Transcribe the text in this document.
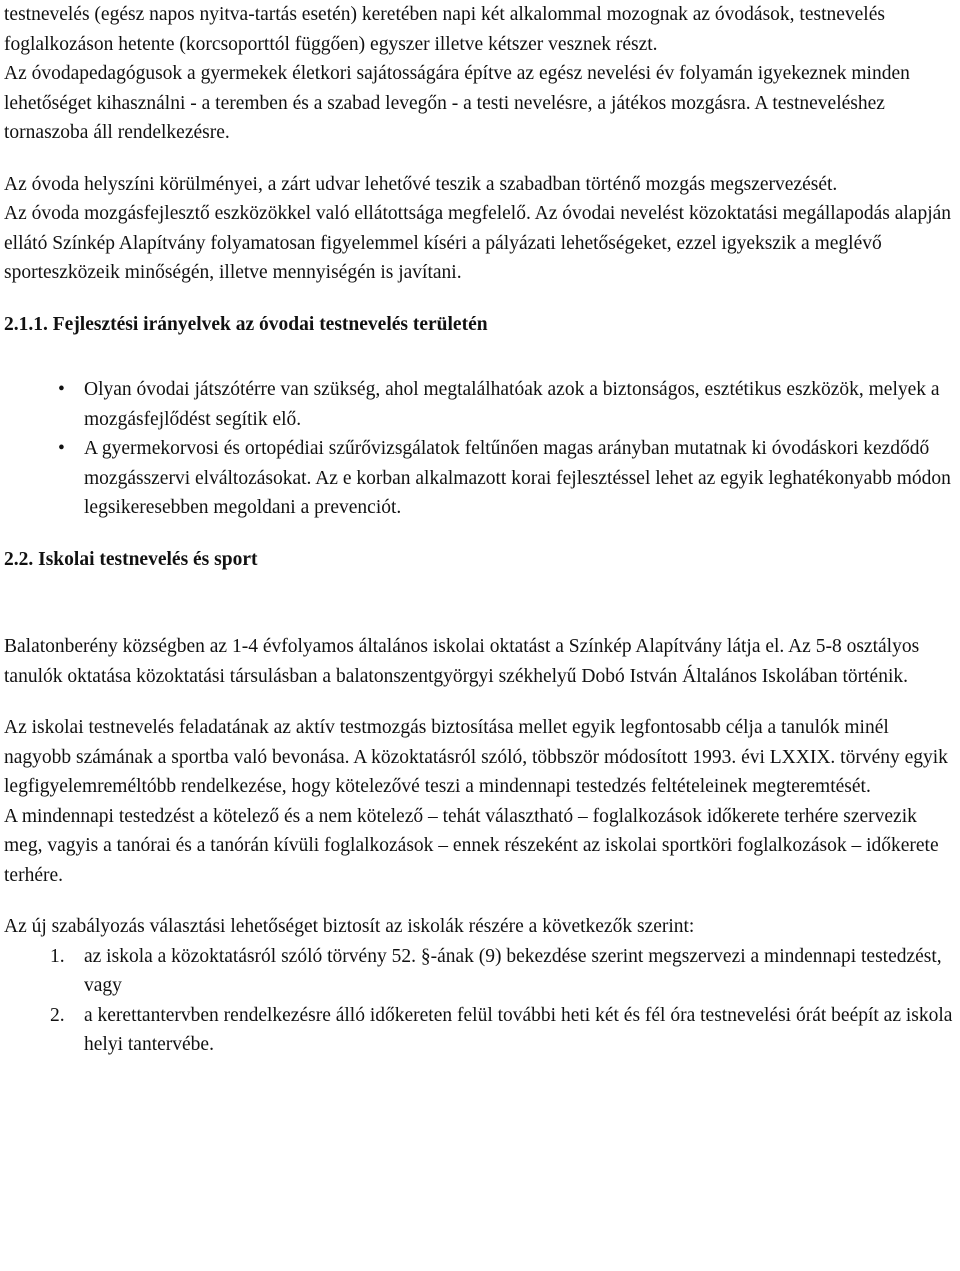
testnevelés (egész napos nyitva-tartás esetén) keretében napi két alkalommal mozognak az óvodások, testnevelés foglalkozáson hetente (korcsoporttól függően) egyszer illetve kétszer vesznek részt.

Az óvodapedagógusok a gyermekek életkori sajátosságára építve az egész nevelési év folyamán igyekeznek minden lehetőséget kihasználni - a teremben és a szabad levegőn - a testi nevelésre, a játékos mozgásra. A testneveléshez tornaszoba áll rendelkezésre.

Az óvoda helyszíni körülményei, a zárt udvar lehetővé teszik a szabadban történő mozgás megszervezését.

Az óvoda mozgásfejlesztő eszközökkel való ellátottsága megfelelő. Az óvodai nevelést közoktatási megállapodás alapján ellátó Színkép Alapítvány folyamatosan figyelemmel kíséri a pályázati lehetőségeket, ezzel igyekszik a meglévő sporteszközeik minőségén, illetve mennyiségén is javítani.

2.1.1. Fejlesztési irányelvek az óvodai testnevelés területén

• Olyan óvodai játszótérre van szükség, ahol megtalálhatóak azok a biztonságos, esztétikus eszközök, melyek a mozgásfejlődést segítik elő.
• A gyermekorvosi és ortopédiai szűrővizsgálatok feltűnően magas arányban mutatnak ki óvodáskori kezdődő mozgásszervi elváltozásokat. Az e korban alkalmazott korai fejlesztéssel lehet az egyik leghatékonyabb módon legsikeresebben megoldani a prevenciót.

2.2. Iskolai testnevelés és sport

Balatonberény községben az 1-4 évfolyamos általános iskolai oktatást a Színkép Alapítvány látja el. Az 5-8 osztályos tanulók oktatása közoktatási társulásban a balatonszentgyörgyi székhelyű Dobó István Általános Iskolában történik.

Az iskolai testnevelés feladatának az aktív testmozgás biztosítása mellet egyik legfontosabb célja a tanulók minél nagyobb számának a sportba való bevonása. A közoktatásról szóló, többször módosított 1993. évi LXXIX. törvény egyik legfigyelemreméltóbb rendelkezése, hogy kötelezővé teszi a mindennapi testedzés feltételeinek megteremtését.

A mindennapi testedzést a kötelező és a nem kötelező – tehát választható – foglalkozások időkerete terhére szervezik meg, vagyis a tanórai és a tanórán kívüli foglalkozások – ennek részeként az iskolai sportköri foglalkozások – időkerete terhére.

Az új szabályozás választási lehetőséget biztosít az iskolák részére a következők szerint:

1. az iskola a közoktatásról szóló törvény 52. §-ának (9) bekezdése szerint megszervezi a mindennapi testedzést, vagy
2. a kerettantervben rendelkezésre álló időkereten felül további heti két és fél óra testnevelési órát beépít az iskola helyi tantervébe.
